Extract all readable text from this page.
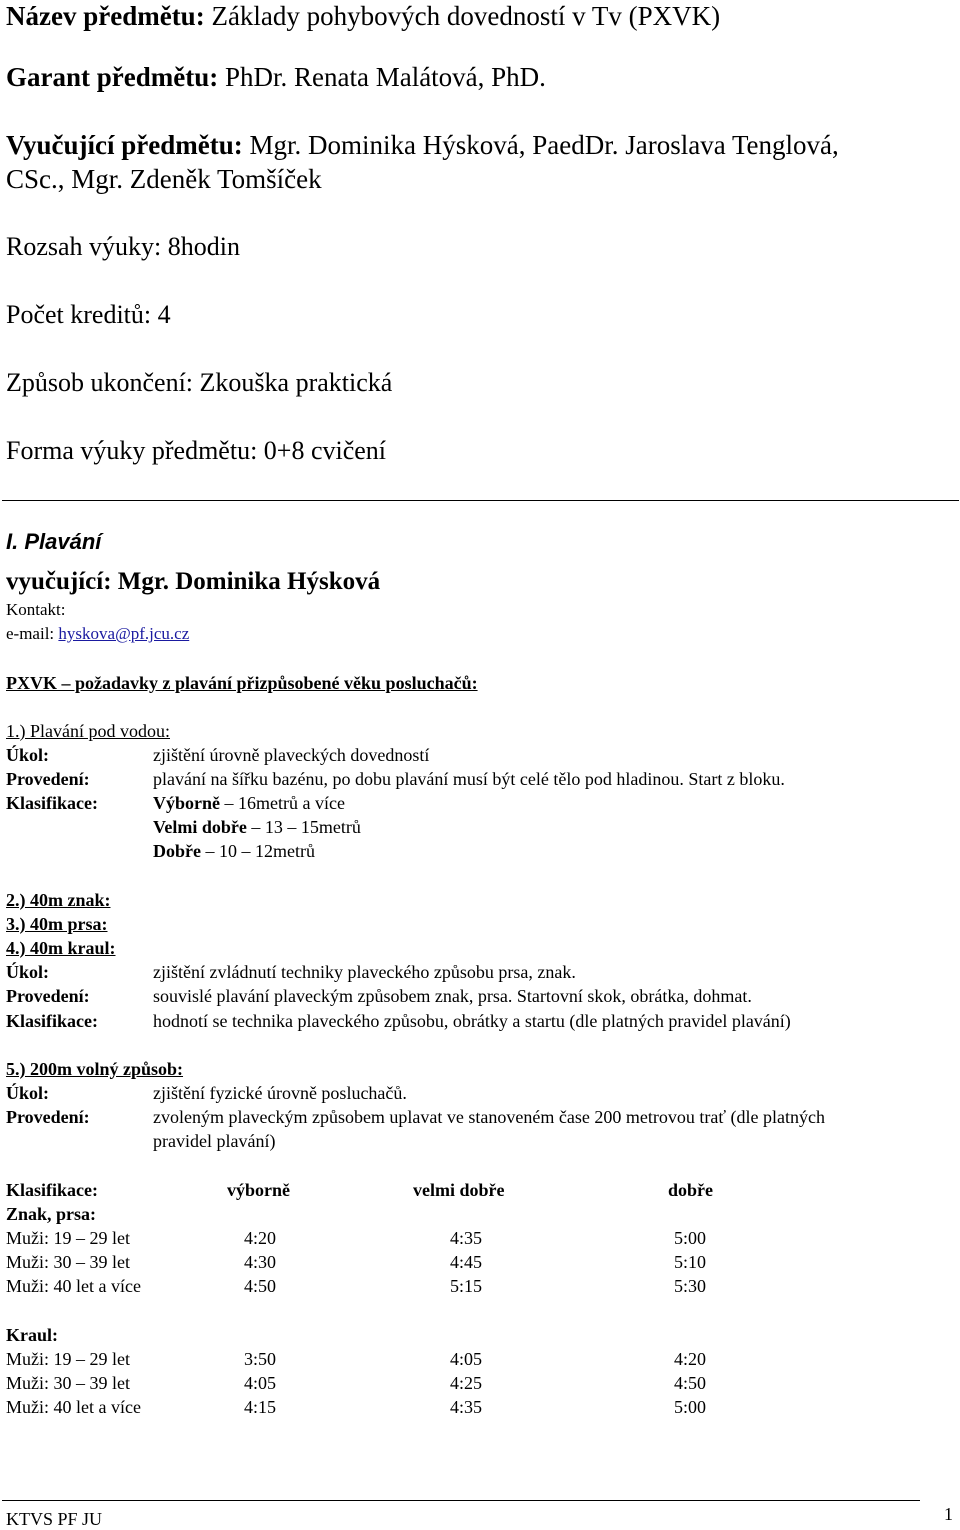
Název předmětu: Základy pohybových dovedností v Tv (PXVK)
Garant předmětu: PhDr. Renata Malátová, PhD.
Vyučující předmětu: Mgr. Dominika Hýsková, PaedDr. Jaroslava Tenglová,
CSc., Mgr. Zdeněk Tomšíček
Rozsah výuky: 8hodin
Počet kreditů: 4
Způsob ukončení: Zkouška praktická
Forma výuky předmětu: 0+8 cvičení
I. Plavání
vyučující: Mgr. Dominika Hýsková
Kontakt:
e-mail: hyskova@pf.jcu.cz
PXVK – požadavky z plavání přizpůsobené věku posluchačů:
1.) Plavání pod vodou:
Úkol:	zjištění úrovně plaveckých dovedností
Provedení:	plavání na šířku bazénu, po dobu plavání musí být celé tělo pod hladinou. Start z bloku.
Klasifikace:	Výborně – 16metrů a více
Velmi dobře – 13 – 15metrů
Dobře – 10 – 12metrů
2.) 40m znak:
3.) 40m prsa:
4.) 40m kraul:
Úkol:	zjištění zvládnutí techniky plaveckého způsobu prsa, znak.
Provedení:	souvislé plavání plaveckým způsobem znak, prsa. Startovní skok, obrátka, dohmat.
Klasifikace:	hodnotí se technika plaveckého způsobu, obrátky a startu (dle platných pravidel plavání)
5.) 200m volný způsob:
Úkol:	zjištění fyzické úrovně posluchačů.
Provedení:	zvoleným plaveckým způsobem uplavat ve stanoveném čase 200 metrovou trať (dle platných
pravidel plavání)
Klasifikace:	výborně	velmi dobře	dobře
Znak, prsa:
Muži: 19 – 29 let	4:20	4:35	5:00
Muži: 30 – 39 let	4:30	4:45	5:10
Muži: 40 let a více	4:50	5:15	5:30
Kraul:
Muži: 19 – 29 let	3:50	4:05	4:20
Muži: 30 – 39 let	4:05	4:25	4:50
Muži: 40 let a více	4:15	4:35	5:00
KTVS PF JU	1
